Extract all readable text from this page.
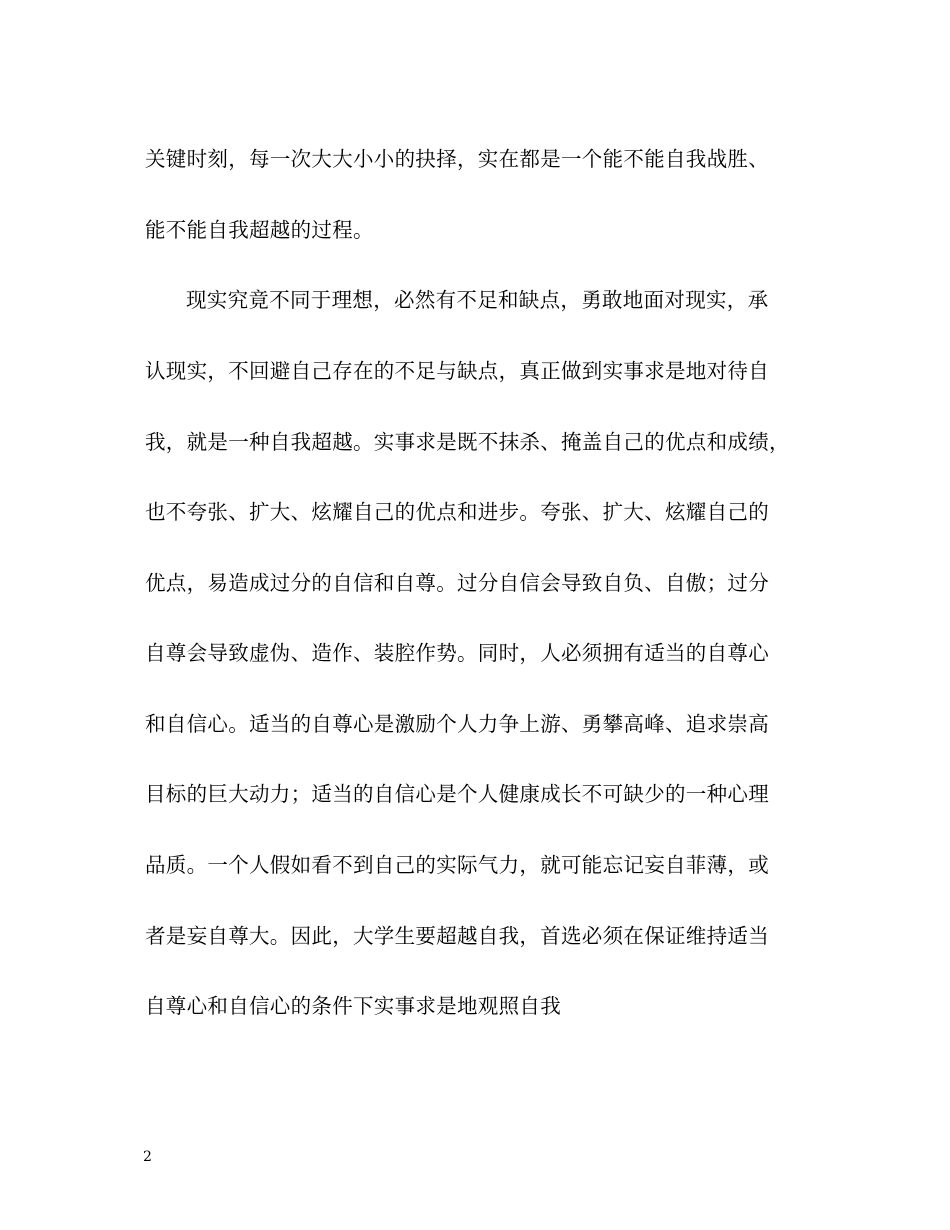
关键时刻，每一次大大小小的抉择，实在都是一个能不能自我战胜、
能不能自我超越的过程。
现实究竟不同于理想，必然有不足和缺点，勇敢地面对现实，承
认现实，不回避自己存在的不足与缺点，真正做到实事求是地对待自
我，就是一种自我超越。实事求是既不抹杀、掩盖自己的优点和成绩，
也不夸张、扩大、炫耀自己的优点和进步。夸张、扩大、炫耀自己的
优点，易造成过分的自信和自尊。过分自信会导致自负、自傲；过分
自尊会导致虚伪、造作、装腔作势。同时，人必须拥有适当的自尊心
和自信心。适当的自尊心是激励个人力争上游、勇攀高峰、追求崇高
目标的巨大动力；适当的自信心是个人健康成长不可缺少的一种心理
品质。一个人假如看不到自己的实际气力，就可能忘记妄自菲薄，或
者是妄自尊大。因此，大学生要超越自我，首选必须在保证维持适当
自尊心和自信心的条件下实事求是地观照自我
2
